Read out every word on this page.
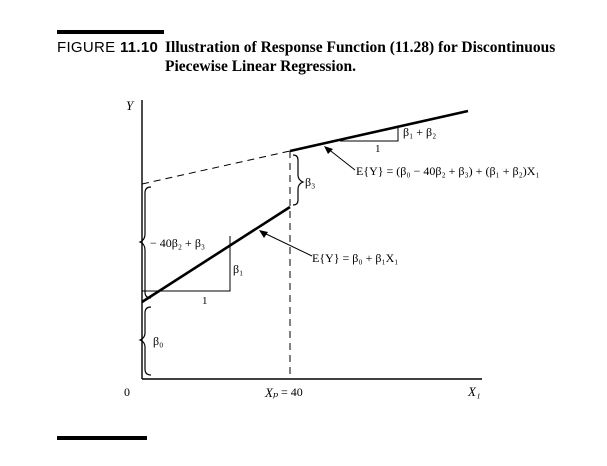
FIGURE 11.10 Illustration of Response Function (11.28) for Discontinuous
Piecewise Linear Regression.
Y
X₁
0	Xₚ = 40
β₀
β₁
β₃
1
1
β₁ + β₂
− 40β₂ + β₃
E{Y} = β₀ + β₁X₁
E{Y} = (β₀ − 40β₂ + β₃) + (β₁ + β₂)X₁
